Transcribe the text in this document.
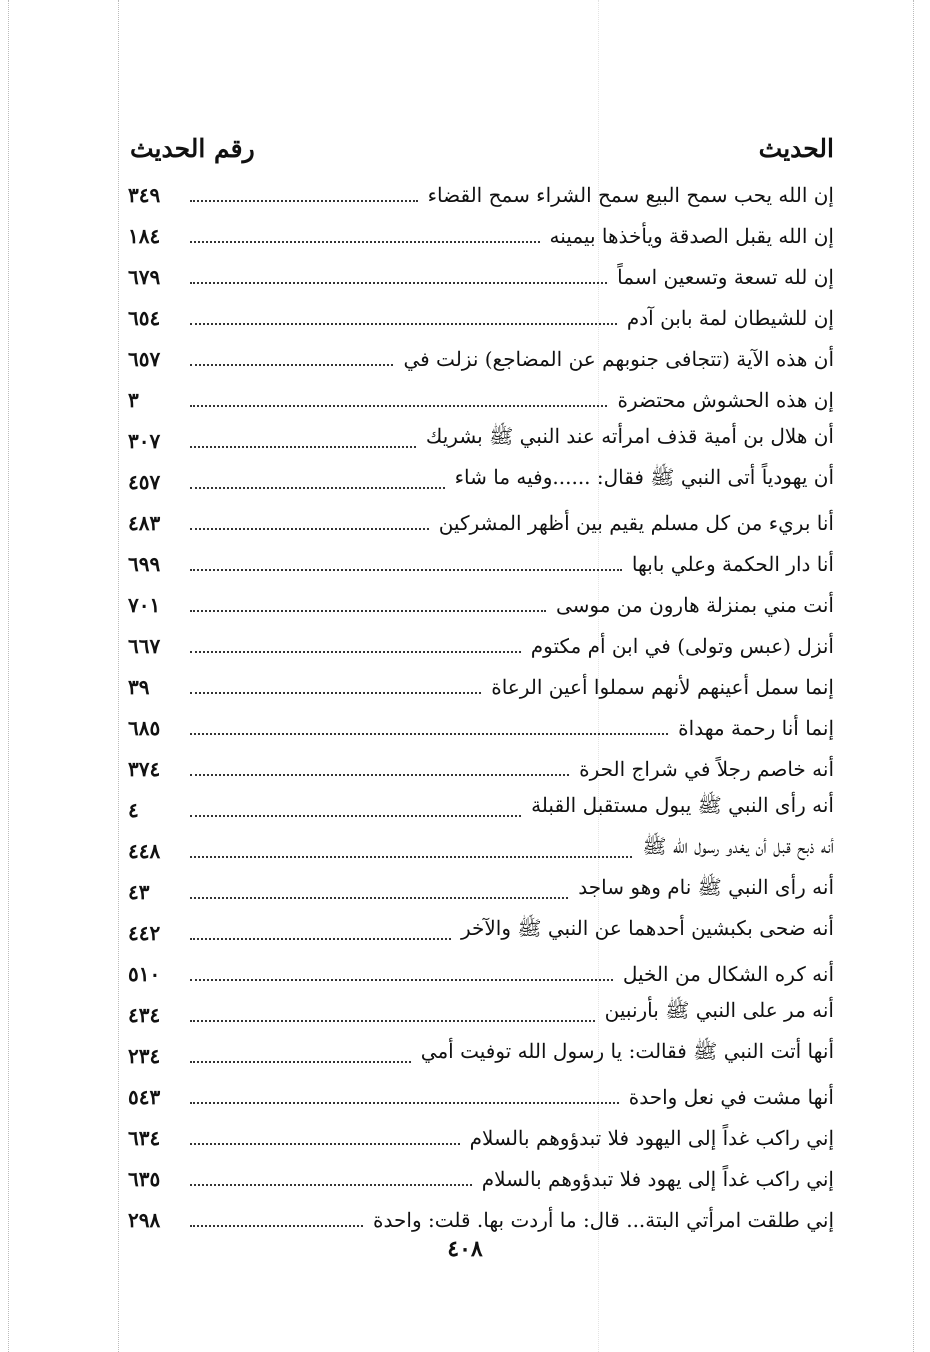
الحديث
رقم الحديث
إن الله يحب سمح البيع سمح الشراء سمح القضاء
٣٤٩
إن الله يقبل الصدقة ويأخذها بيمينه
١٨٤
إن لله تسعة وتسعين اسماً
٦٧٩
إن للشيطان لمة بابن آدم
٦٥٤
أن هذه الآية (تتجافى جنوبهم عن المضاجع) نزلت في
٦٥٧
إن هذه الحشوش محتضرة
٣
أن هلال بن أمية قذف امرأته عند النبي ﷺ بشريك
٣٠٧
أن يهودياً أتى النبي ﷺ فقال: ......وفيه ما شاء
٤٥٧
أنا بريء من كل مسلم يقيم بين أظهر المشركين
٤٨٣
أنا دار الحكمة وعلي بابها
٦٩٩
أنت مني بمنزلة هارون من موسى
٧٠١
أنزل (عبس وتولى) في ابن أم مكتوم
٦٦٧
إنما سمل أعينهم لأنهم سملوا أعين الرعاة
٣٩
إنما أنا رحمة مهداة
٦٨٥
أنه خاصم رجلاً في شراج الحرة
٣٧٤
أنه رأى النبي ﷺ يبول مستقبل القبلة
٤
أنه ذبح قبل أن يغدو رسول الله ﷺ
٤٤٨
أنه رأى النبي ﷺ نام وهو ساجد
٤٣
أنه ضحى بكبشين أحدهما عن النبي ﷺ والآخر
٤٤٢
أنه كره الشكال من الخيل
٥١٠
أنه مر على النبي ﷺ بأرنبين
٤٣٤
أنها أتت النبي ﷺ فقالت: يا رسول الله توفيت أمي
٢٣٤
أنها مشت في نعل واحدة
٥٤٣
إني راكب غداً إلى اليهود فلا تبدؤوهم بالسلام
٦٣٤
إني راكب غداً إلى يهود فلا تبدؤوهم بالسلام
٦٣٥
إني طلقت امرأتي البتة... قال: ما أردت بها. قلت: واحدة
٢٩٨
٤٠٨
